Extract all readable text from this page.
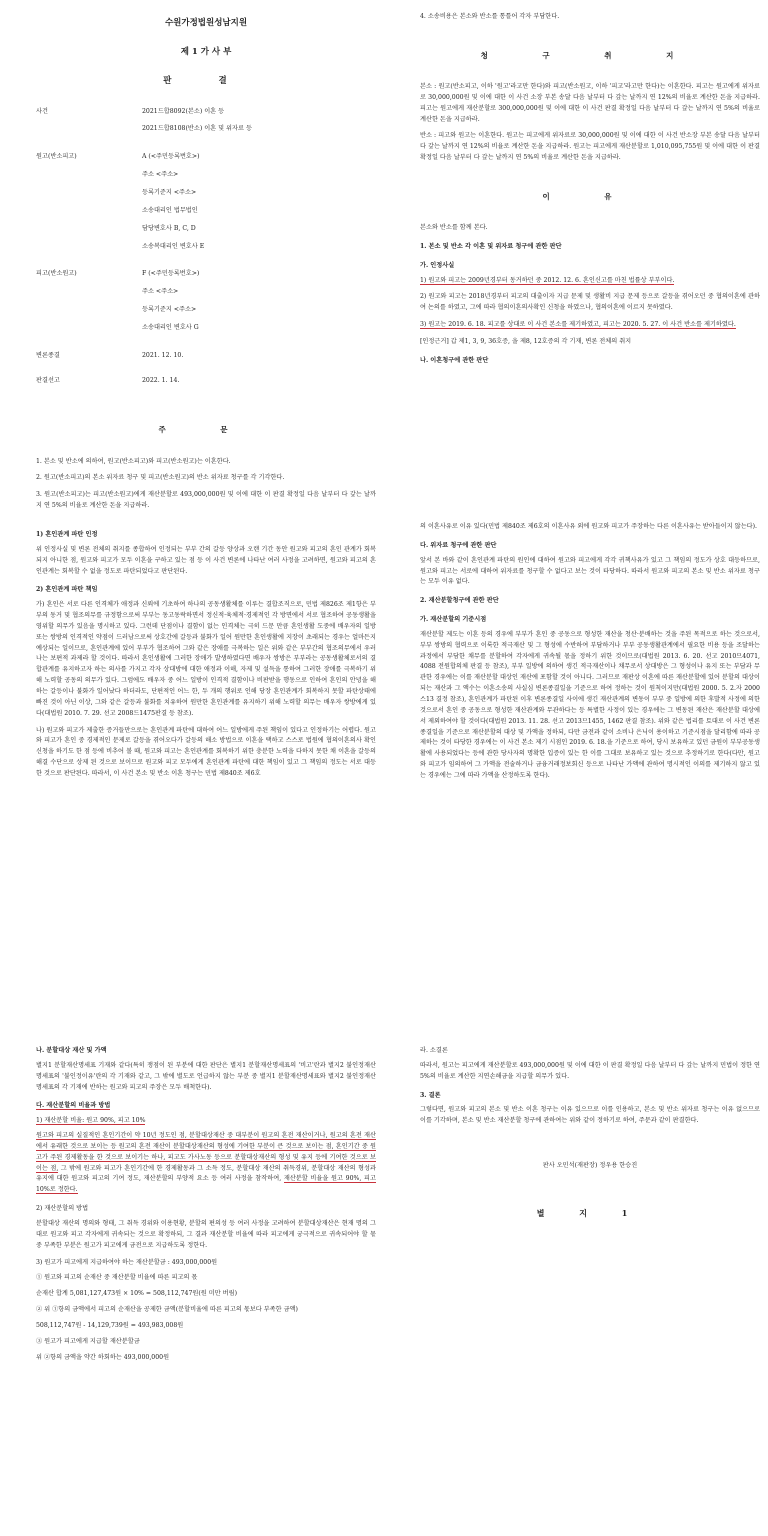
수원가정법원성남지원
제 1 가 사 부
판 결
사건	2021드합8092(본소) 이혼 등
2021드합8108(반소) 이혼 및 위자료 등
원고(반소피고)	A (<주민등록번호>)
주소 <주소>
등록기준지 <주소>
소송대리인 법무법인
담당변호사 B, C, D
소송복대리인 변호사 E
피고(반소원고)	F (<주민등록번호>)
주소 <주소>
등록기준지 <주소>
소송대리인 변호사 G
변론종결	2021. 12. 10.
판결선고	2022. 1. 14.
주 문

1. 본소 및 반소에 의하여, 원고(반소피고)와 피고(반소원고)는 이혼한다.

2. 원고(반소피고)의 본소 위자료 청구 및 피고(반소원고)의 반소 위자료 청구를 각 기각한다.

3. 원고(반소피고)는 피고(반소원고)에게 재산분할로 493,000,000원 및 이에 대한 이 판결 확정일 다음 날부터 다 갚는 날까지 연 5%의 비율로 계산한 돈을 지급하라.

1) 혼인관계 파탄 인정

위 인정사실 및 변론 전체의 취지를 종합하여 인정되는 부부 간의 갈등 양상과 오랜 기간 동안 원고와 피고의 혼인 관계가 회복되지 아니한 점, 원고와 피고가 모두 이혼을 구하고 있는 점 등 이 사건 변론에 나타난 여러 사정을 고려하면, 원고와 피고의 혼인관계는 회복할 수 없을 정도로 파탄되었다고 판단된다.

2) 혼인관계 파탄 책임

가) 혼인은 서로 다른 인격체가 애정과 신뢰에 기초하여 하나의 공동생활체를 이루는 결합조직으로, 민법 제826조 제1항은 부부의 동거 및 협조의무를 규정함으로써 부부는 동고동락하면서 정신적·육체적·경제적인 각 방면에서 서로 협조하여 공동생활을 영위할 의무가 있음을 명시하고 있다. 그런데 단점이나 결함이 없는 인격체는 극히 드문 만큼 혼인생활 도중에 배우자의 일방 또는 쌍방의 인격적인 약점이 드러남으로써 상호간에 갈등과 불화가 일어 원만한 혼인생활에 지장이 초래되는 경우는 얼마든지 예상되는 일이므로, 혼인관계에 있어 부부가 협조하여 그와 같은 장애를 극복하는 일은 위와 같은 부부간의 협조의무에서 우러나는 보편적 과제라 할 것이다. 따라서 혼인생활에 그러한 장애가 발생하였다면 배우자 쌍방은 부부라는 공동생활체로서의 결합관계를 유지하고자 하는 의사를 가지고 각자 상대방에 대한 애정과 이해, 자제 및 설득을 통하여 그러한 장애를 극복하기 위해 노력할 공동의 의무가 있다. 그럼에도 배우자 중 어느 일방이 인격적 결함이나 비판받을 행동으로 인하여 혼인의 안녕을 해하는 갈등이나 불화가 일어났다 하더라도, 단편적인 어느 한, 두 개의 행위로 인해 당장 혼인관계가 회복하지 못할 파탄상태에 빠진 것이 아닌 이상, 그와 같은 갈등과 불화를 치유하여 원만한 혼인관계를 유지하기 위해 노력할 의무는 배우자 쌍방에게 있다(대법원 2010. 7. 29. 선고 2008드1475판결 등 참조).

나) 원고와 피고가 제출한 증거들만으로는 혼인관계 파탄에 대하여 어느 일방에게 주된 책임이 있다고 인정하기는 어렵다. 원고와 피고가 혼인 중 경제적인 문제로 갈등을 겪어오다가 갈등의 해소 방법으로 이혼을 택하고 스스로 법원에 협의이혼의사 확인 신청을 하기도 한 점 등에 비추어 볼 때, 원고와 피고는 혼인관계를 회복하기 위한 충분한 노력을 다하지 못한 채 이혼을 갈등의 해결 수단으로 상제 된 것으로 보이므로 원고와 피고 모두에게 혼인관계 파탄에 대한 책임이 있고 그 책임의 정도는 서로 대등한 것으로 판단된다. 따라서, 이 사건 본소 및 반소 이혼 청구는 민법 제840조 제6호

나. 분할대상 재산 및 가액

별지1 분할재산명세표 기재와 같다(특히 쟁점이 된 부분에 대한 판단은 별지1 분할재산명세표의 '비고'란과 별지2 불인정재산명세표의 '불인정이유'란의 각 기재와 같고, 그 밖에 별도로 언급하지 않는 부분 중 별지1 분할재산명세표와 별지2 불인정재산명세표의 각 기재에 반하는 원고와 피고의 주장은 모두 배척한다).

다. 재산분할의 비율과 방법
1) 재산분할 비율: 원고 90%, 피고 10%

원고와 피고의 실질적인 혼인기간이 약 10년 정도인 점, 분할대상재산 중 대부분이 원고의 혼전 재산이거나, 원고의 혼전 재산에서 유래한 것으로 보이는 등 원고의 혼전 재산이 분할대상재산의 형성에 기여한 부분이 큰 것으로 보이는 점, 혼인기간 중 원고가 주된 경제활동을 한 것으로 보이기는 하나, 피고도 가사노동 등으로 분할대상재산의 형성 및 유지 등에 기여한 것으로 보이는 점, 그 밖에 원고와 피고가 혼인기간에 한 경제활동과 그 소득 정도, 분할대상 재산의 취득경위, 분할대상 재산의 형성과 유지에 대한 원고와 피고의 기여 정도, 재산분할의 부양적 요소 등 여러 사정을 참작하여, 재산분할 비율을 원고 90%, 피고 10%로 정한다.

2) 재산분할의 방법

분할대상 재산의 명의와 형태, 그 취득 경위와 이용현황, 분할의 편의성 등 여러 사정을 고려하여 분할대상재산은 현재 명의 그대로 원고와 피고 각자에게 귀속되는 것으로 확정하되, 그 결과 재산분할 비율에 따라 피고에게 궁극적으로 귀속되어야 할 몫 중 부족한 부분은 원고가 피고에게 금전으로 지급하도록 정한다.

3) 원고가 피고에게 지급하여야 하는 재산분할금 : 493,000,000원
① 원고와 피고의 순재산 중 재산분할 비율에 따른 피고의 몫
순재산 합계 5,081,127,473원 × 10% = 508,112,747원(원 미만 버림)
② 위 ①항의 금액에서 피고의 순재산을 공제한 금액(분할비율에 따른 피고의 몫보다 부족한 금액)
508,112,747원 - 14,129,739원 = 493,983,008원
③ 원고가 피고에게 지급할 재산분할금
위 ②항의 금액을 약간 하회하는 493,000,000원

4. 소송비용은 본소와 반소를 통틀어 각자 부담한다.

청 구 취 지

본소 : 원고(반소피고, 이하 '원고'라고만 한다)와 피고(반소원고, 이하 '피고'라고만 한다)는 이혼한다. 피고는 원고에게 위자료로 30,000,000원 및 이에 대한 이 사건 소장 부본 송달 다음 날부터 다 갚는 날까지 연 12%의 비율로 계산한 돈을 지급하라. 피고는 원고에게 재산분할로 300,000,000원 및 이에 대한 이 사건 판결 확정일 다음 날부터 다 갚는 날까지 연 5%의 비율로 계산한 돈을 지급하라.

반소 : 피고와 원고는 이혼한다. 원고는 피고에게 위자료로 30,000,000원 및 이에 대한 이 사건 반소장 부본 송달 다음 날부터 다 갚는 날까지 연 12%의 비율로 계산한 돈을 지급하라. 원고는 피고에게 재산분할로 1,010,095,755원 및 이에 대한 이 판결 확정일 다음 날부터 다 갚는 날까지 연 5%의 비율로 계산한 돈을 지급하라.

이 유

본소와 반소를 함께 본다.

1. 본소 및 반소 각 이혼 및 위자료 청구에 관한 판단
가. 인정사실

1) 원고와 피고는 2009년경부터 동거하던 중 2012. 12. 6. 혼인신고를 마친 법률상 부부이다.

2) 원고와 피고는 2018년경부터 피고의 대출이자 지급 문제 및 생활비 지급 문제 등으로 갈등을 겪어오던 중 협의이혼에 관하여 논의를 하였고, 그에 따라 협의이혼의사확인 신청을 하였으나, 협의이혼에 이르지 못하였다.

3) 원고는 2019. 6. 18. 피고를 상대로 이 사건 본소를 제기하였고, 피고는 2020. 5. 27. 이 사건 반소를 제기하였다.

[인정근거] 갑 제1, 3, 9, 36호증, 을 제8, 12호증의 각 기재, 변론 전체의 취지

나. 이혼청구에 관한 판단

의 이혼사유로 이유 있다(민법 제840조 제6호의 이혼사유 외에 원고와 피고가 주장하는 다른 이혼사유는 받아들이지 않는다).

다. 위자료 청구에 관한 판단

앞서 본 바와 같이 혼인관계 파탄의 원인에 대하여 원고와 피고에게 각각 귀책사유가 있고 그 책임의 정도가 상호 대등하므로, 원고와 피고는 서로에 대하여 위자료를 청구할 수 없다고 보는 것이 타당하다. 따라서 원고와 피고의 본소 및 반소 위자료 청구는 모두 이유 없다.

2. 재산분할청구에 관한 판단
가. 재산분할의 기준시점

재산분할 제도는 이혼 등의 경우에 부부가 혼인 중 공동으로 형성한 재산을 청산·분배하는 것을 주된 목적으로 하는 것으로서, 부부 쌍방의 협력으로 이룩한 적극재산 및 그 형성에 수반하여 부담하거나 부부 공동생활관계에서 필요한 비용 등을 조달하는 과정에서 부담한 채무를 분할하여 각자에게 귀속될 몫을 정하기 위한 것이므로(대법원 2013. 6. 20. 선고 2010므4071, 4088 전원합의체 판결 등 참조), 부부 일방에 의하여 생긴 적극재산이나 채무로서 상대방은 그 형성이나 유지 또는 부담과 무관한 경우에는 이를 재산분할 대상인 재산에 포함할 것이 아니다. 그러므로 재판상 이혼에 따른 재산분할에 있어 분할의 대상이 되는 재산과 그 액수는 이혼소송의 사실심 변론종결일을 기준으로 하여 정하는 것이 원칙이지만(대법원 2000. 5. 2.자 2000스13 결정 참조), 혼인관계가 파탄된 이후 변론종결일 사이에 생긴 재산관계의 변동이 부부 중 일방에 의한 후발적 사정에 의한 것으로서 혼인 중 공동으로 형성한 재산관계와 무관하다는 등 특별한 사정이 있는 경우에는 그 변동된 재산은 재산분할 대상에서 제외하여야 할 것이다(대법원 2013. 11. 28. 선고 2013므1455, 1462 판결 참조). 위와 같은 법리를 토대로 이 사건 변론종결일을 기준으로 재산분할의 대상 및 가액을 정하되, 다만 금전과 같이 소비나 은닉이 용이하고 기준시점을 달리함에 따라 공제하는 것이 타당한 경우에는 이 사건 본소 제기 시점인 2019. 6. 18.을 기준으로 하여, 당시 보유하고 있던 금원이 부부공동생활에 사용되었다는 등에 관한 당사자의 명확한 입증이 있는 한 이를 그대로 보유하고 있는 것으로 추정하기로 한다(다만, 원고와 피고가 임의하여 그 가액을 전술하거나 금융거래정보회신 등으로 나타난 가액에 관하여 명시적인 이의를 제기하지 않고 있는 경우에는 그에 따라 가액을 산정하도록 한다).

라. 소결론

따라서, 원고는 피고에게 재산분할로 493,000,000원 및 이에 대한 이 판결 확정일 다음 날부터 다 갚는 날까지 민법이 정한 연 5%의 비율로 계산한 지연손해금을 지급할 의무가 있다.

3. 결론

그렇다면, 원고와 피고의 본소 및 반소 이혼 청구는 이유 있으므로 이를 인용하고, 본소 및 반소 위자료 청구는 이유 없으므로 이를 기각하며, 본소 및 반소 재산분할 청구에 관하여는 위와 같이 정하기로 하여, 주문과 같이 판결한다.

판사 오민석(재판장) 정우용 한승진
별 지 1
